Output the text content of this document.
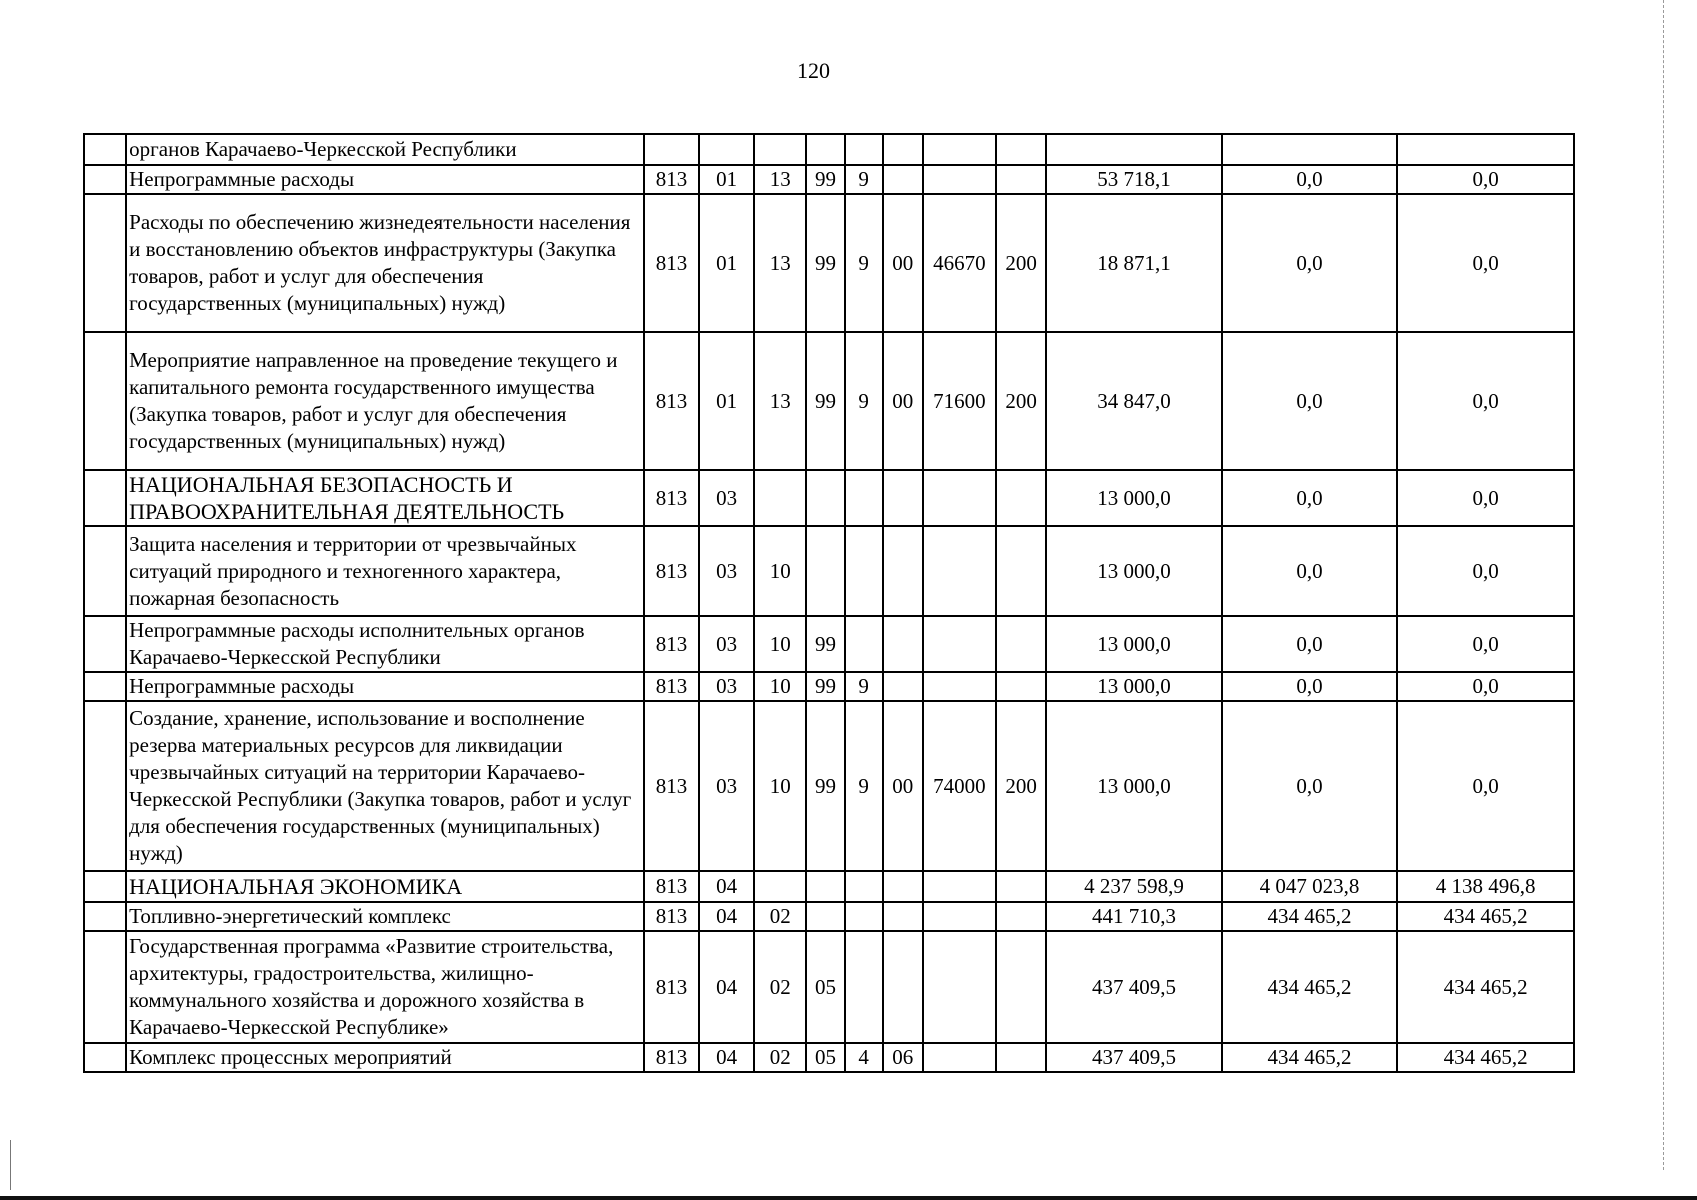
120
	органов Карачаево-Черкесской Республики											
	Непрограммные расходы	813	01	13	99	9				53 718,1	0,0	0,0
	Расходы по обеспечению жизнедеятельности населения и восстановлению объектов инфраструктуры (Закупка товаров, работ и услуг для обеспечения государственных (муниципальных) нужд)	813	01	13	99	9	00	46670	200	18 871,1	0,0	0,0
	Мероприятие направленное на проведение текущего и капитального ремонта государственного имущества (Закупка товаров, работ и услуг для обеспечения государственных (муниципальных) нужд)	813	01	13	99	9	00	71600	200	34 847,0	0,0	0,0
	НАЦИОНАЛЬНАЯ БЕЗОПАСНОСТЬ И ПРАВООХРАНИТЕЛЬНАЯ ДЕЯТЕЛЬНОСТЬ	813	03							13 000,0	0,0	0,0
	Защита населения и территории от чрезвычайных ситуаций природного и техногенного характера, пожарная безопасность	813	03	10						13 000,0	0,0	0,0
	Непрограммные расходы исполнительных органов Карачаево-Черкесской Республики	813	03	10	99					13 000,0	0,0	0,0
	Непрограммные расходы	813	03	10	99	9				13 000,0	0,0	0,0
	Создание, хранение, использование и восполнение резерва материальных ресурсов для ликвидации чрезвычайных ситуаций на территории Карачаево-Черкесской Республики (Закупка товаров, работ и услуг для обеспечения государственных (муниципальных) нужд)	813	03	10	99	9	00	74000	200	13 000,0	0,0	0,0
	НАЦИОНАЛЬНАЯ ЭКОНОМИКА	813	04							4 237 598,9	4 047 023,8	4 138 496,8
	Топливно-энергетический комплекс	813	04	02						441 710,3	434 465,2	434 465,2
	Государственная программа «Развитие строительства, архитектуры, градостроительства, жилищно-коммунального хозяйства и дорожного хозяйства в Карачаево-Черкесской Республике»	813	04	02	05					437 409,5	434 465,2	434 465,2
	Комплекс процессных мероприятий	813	04	02	05	4	06			437 409,5	434 465,2	434 465,2
